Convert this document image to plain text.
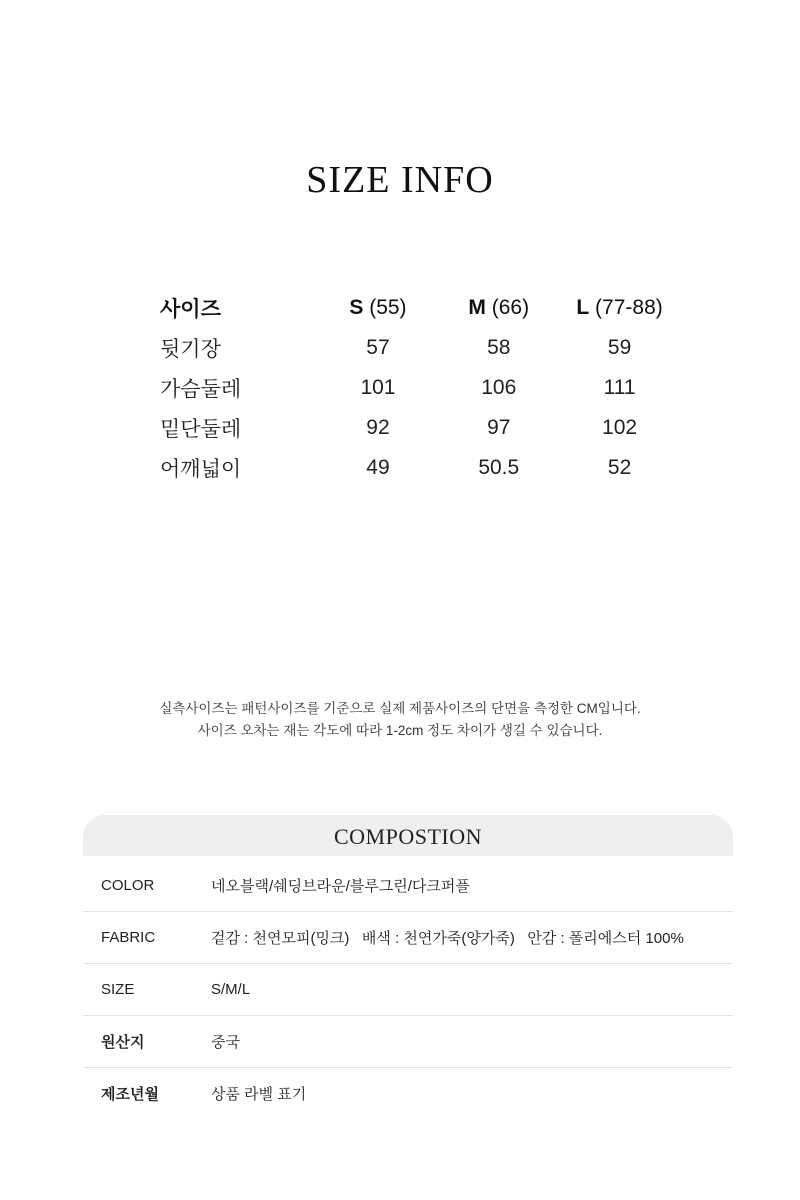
SIZE INFO
사이즈	S (55)	M (66)	L (77-88)
뒷기장	57	58	59
가슴둘레	101	106	111
밑단둘레	92	97	102
어깨넓이	49	50.5	52
실측사이즈는 패턴사이즈를 기준으로 실제 제품사이즈의 단면을 측정한 CM입니다.
사이즈 오차는 재는 각도에 따라 1-2cm 정도 차이가 생길 수 있습니다.
COMPOSTION
COLOR	네오블랙/쉐딩브라운/블루그린/다크퍼플
FABRIC	겉감 : 천연모피(밍크)   배색 : 천연가죽(양가죽)   안감 : 폴리에스터 100%
SIZE	S/M/L
원산지	중국
제조년월	상품 라벨 표기
